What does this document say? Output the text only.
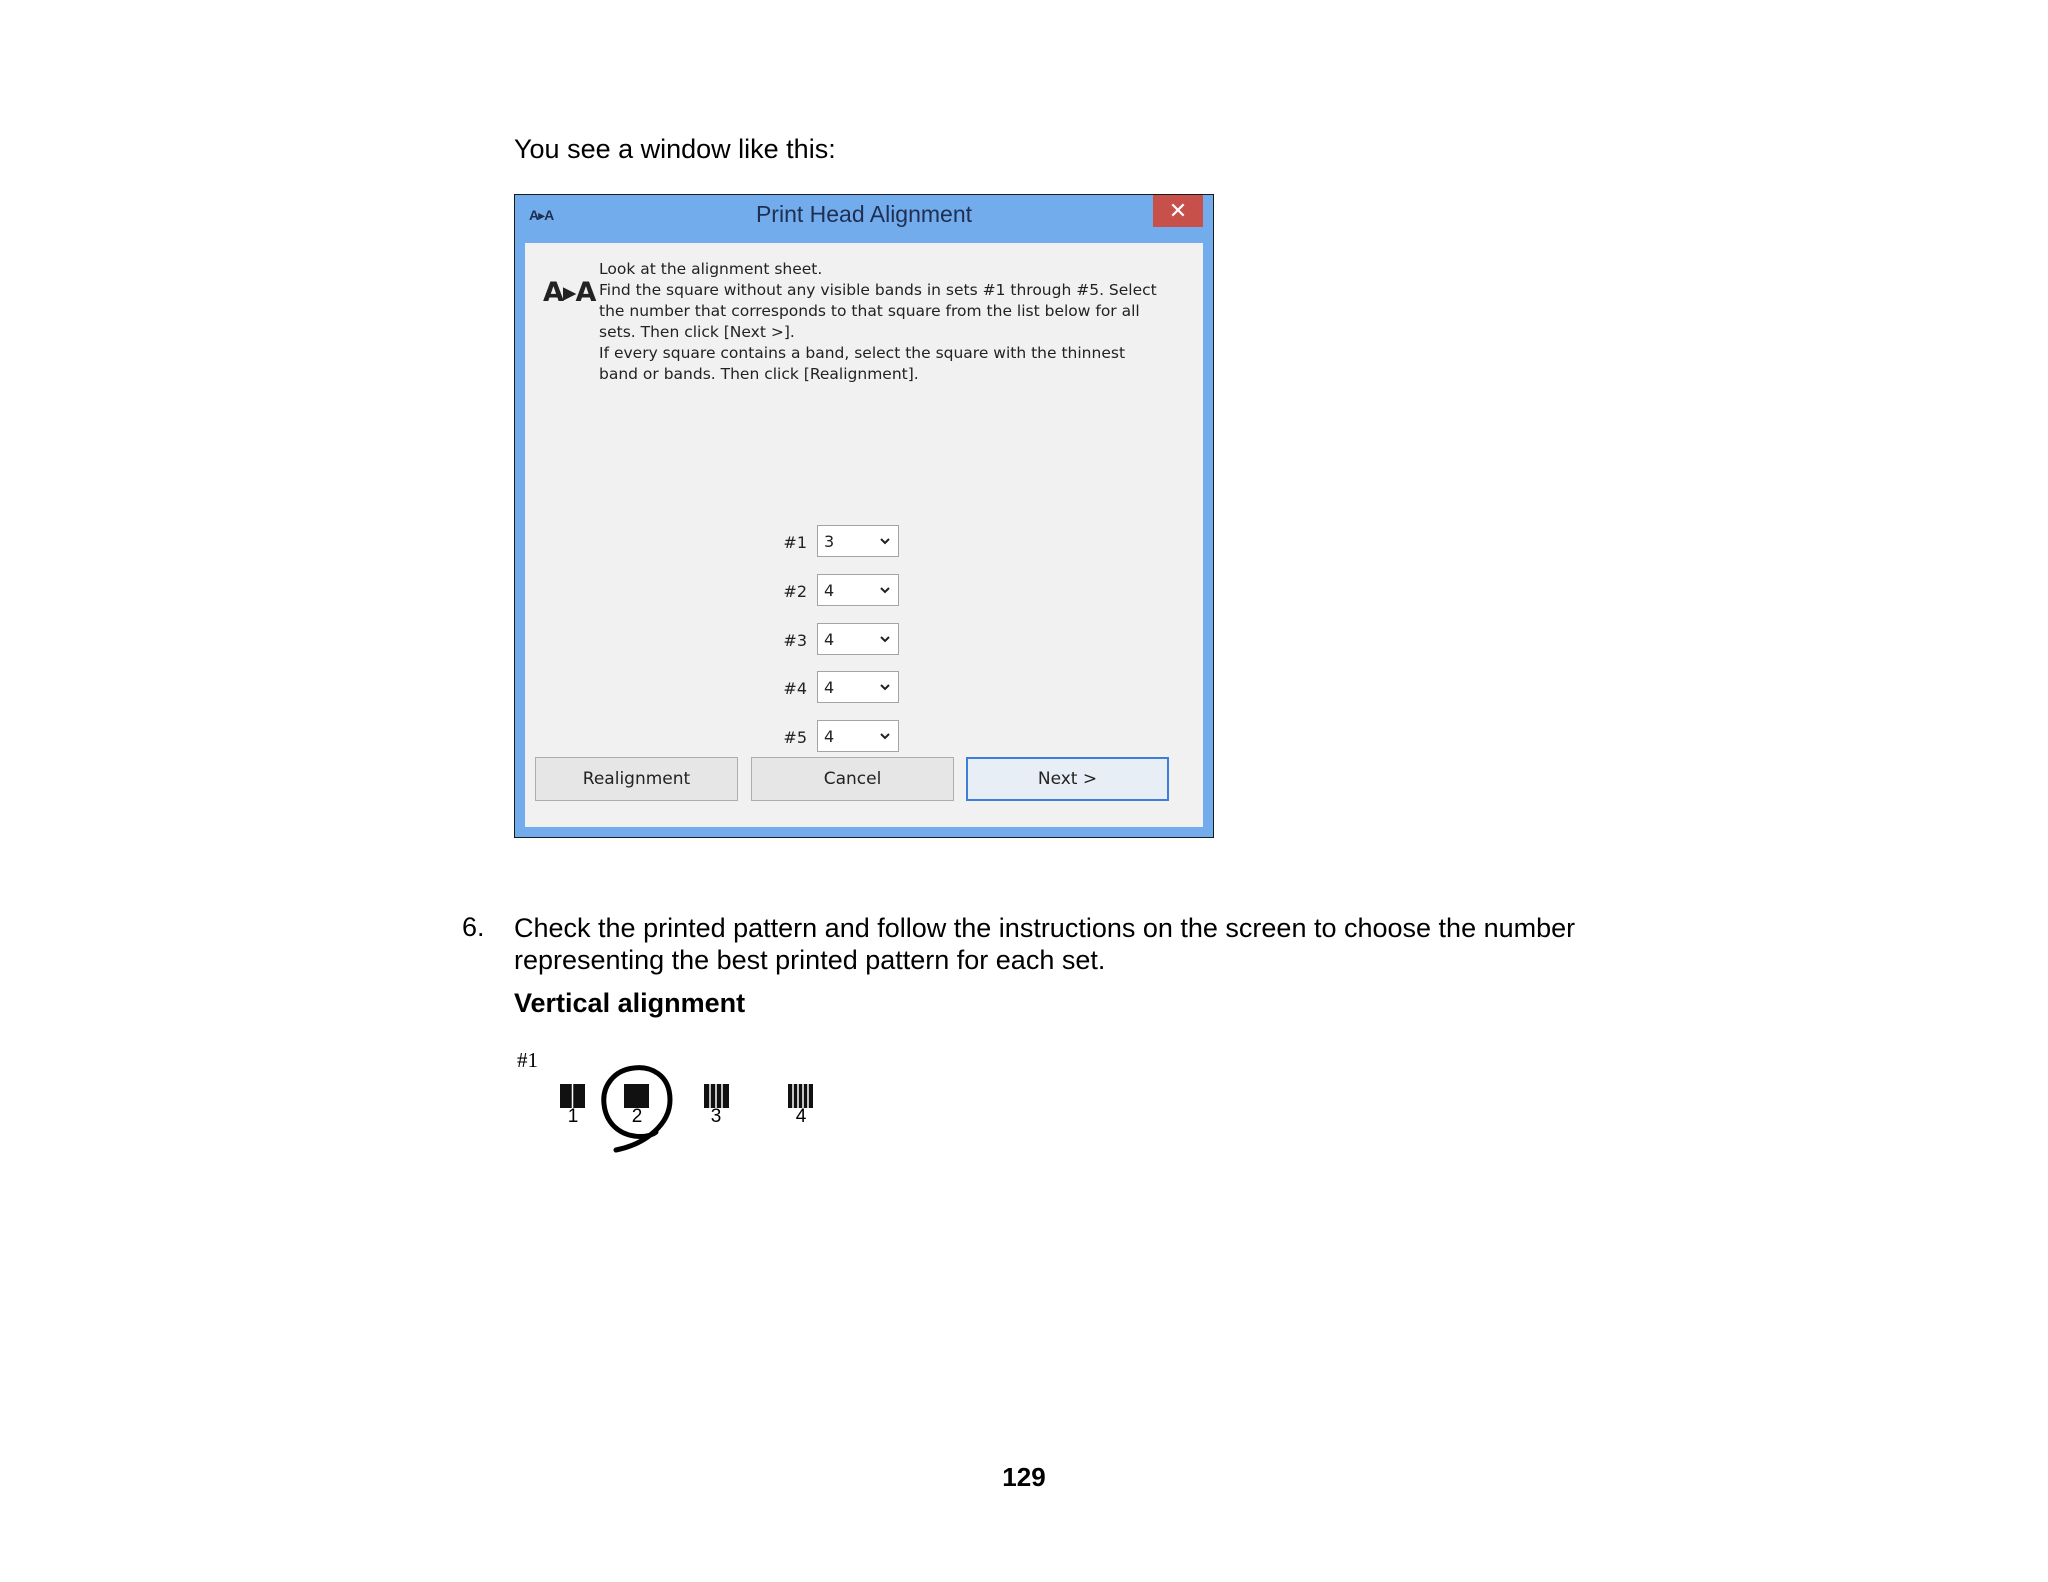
You see a window like this:
A▸A	Print Head Alignment	✕
A▸A
Look at the alignment sheet.
Find the square without any visible bands in sets #1 through #5. Select
the number that corresponds to that square from the list below for all
sets. Then click [Next >].
If every square contains a band, select the square with the thinnest
band or bands. Then click [Realignment].
#1 3
#2 4
#3 4
#4 4
#5 4
Realignment	Cancel	Next >
6. Check the printed pattern and follow the instructions on the screen to choose the number
representing the best printed pattern for each set.
Vertical alignment
#1
1	2	3	4
129
